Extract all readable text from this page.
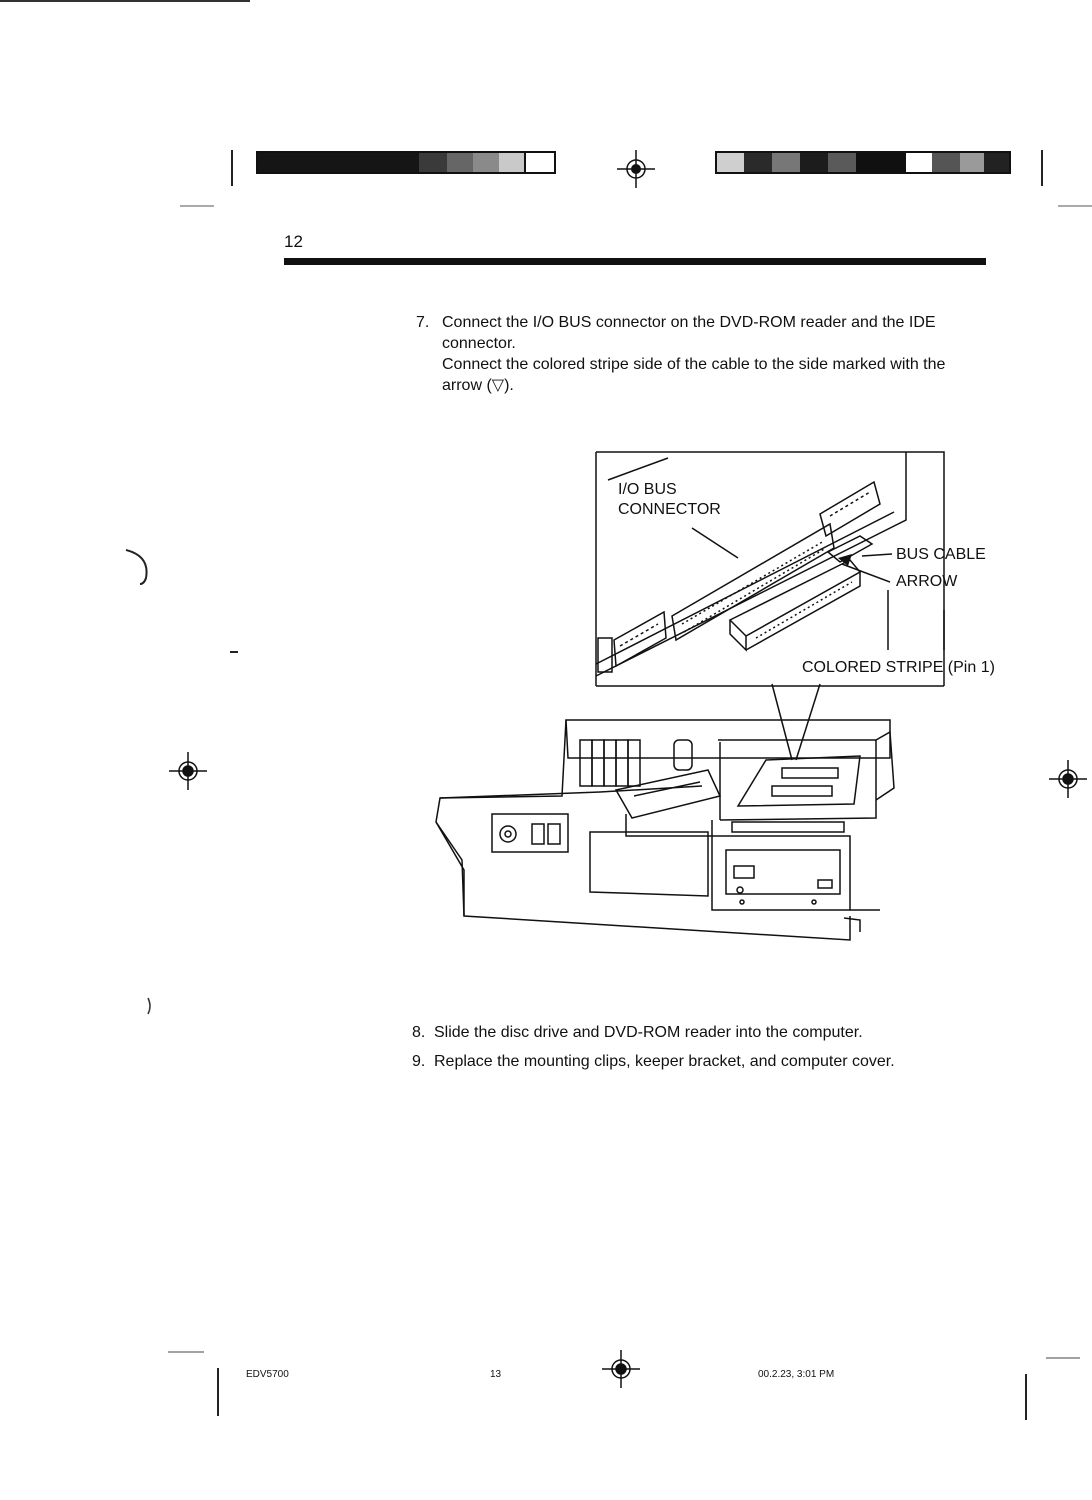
12
7. Connect the I/O BUS connector on the DVD-ROM reader and the IDE
connector.
Connect the colored stripe side of the cable to the side marked with the
arrow (▽).
I/O BUS
CONNECTOR
BUS CABLE
ARROW
COLORED STRIPE (Pin 1)
8. Slide the disc drive and DVD-ROM reader into the computer.
9. Replace the mounting clips, keeper bracket, and computer cover.
EDV5700	13	00.2.23, 3:01 PM
